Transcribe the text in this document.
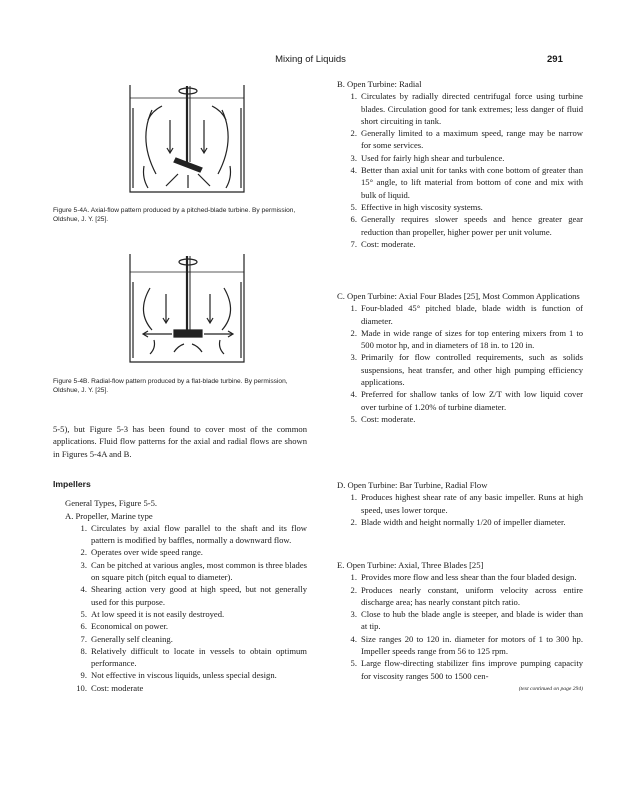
Mixing of Liquids	291
Figure 5-4A. Axial-flow pattern produced by a pitched-blade turbine. By permission, Oldshue, J. Y. [25].
Figure 5-4B. Radial-flow pattern produced by a flat-blade turbine. By permission, Oldshue, J. Y. [25].

5-5), but Figure 5-3 has been found to cover most of the common applications. Fluid flow patterns for the axial and radial flows are shown in Figures 5-4A and B.

Impellers
General Types, Figure 5-5.
A. Propeller, Marine type
1. Circulates by axial flow parallel to the shaft and its flow pattern is modified by baffles, normally a downward flow.
2. Operates over wide speed range.
3. Can be pitched at various angles, most common is three blades on square pitch (pitch equal to diameter).
4. Shearing action very good at high speed, but not generally used for this purpose.
5. At low speed it is not easily destroyed.
6. Economical on power.
7. Generally self cleaning.
8. Relatively difficult to locate in vessels to obtain optimum performance.
9. Not effective in viscous liquids, unless special design.
10. Cost: moderate
B. Open Turbine: Radial
1. Circulates by radially directed centrifugal force using turbine blades. Circulation good for tank extremes; less danger of fluid short circuiting in tank.
2. Generally limited to a maximum speed, range may be narrow for some services.
3. Used for fairly high shear and turbulence.
4. Better than axial unit for tanks with cone bottom of greater than 15° angle, to lift material from bottom of cone and mix with bulk of liquid.
5. Effective in high viscosity systems.
6. Generally requires slower speeds and hence greater gear reduction than propeller, higher power per unit volume.
7. Cost: moderate.
C. Open Turbine: Axial Four Blades [25], Most Common Applications
1. Four-bladed 45° pitched blade, blade width is function of diameter.
2. Made in wide range of sizes for top entering mixers from 1 to 500 motor hp, and in diameters of 18 in. to 120 in.
3. Primarily for flow controlled requirements, such as solids suspensions, heat transfer, and other high pumping efficiency applications.
4. Preferred for shallow tanks of low Z/T with low liquid cover over turbine of 1.20% of turbine diameter.
5. Cost: moderate.
D. Open Turbine: Bar Turbine, Radial Flow
1. Produces highest shear rate of any basic impeller. Runs at high speed, uses lower torque.
2. Blade width and height normally 1/20 of impeller diameter.
E. Open Turbine: Axial, Three Blades [25]
1. Provides more flow and less shear than the four bladed design.
2. Produces nearly constant, uniform velocity across entire discharge area; has nearly constant pitch ratio.
3. Close to hub the blade angle is steeper, and blade is wider than at tip.
4. Size ranges 20 to 120 in. diameter for motors of 1 to 300 hp. Impeller speeds range from 56 to 125 rpm.
5. Large flow-directing stabilizer fins improve pumping capacity for viscosity ranges 500 to 1500 cen-
(text continued on page 294)
